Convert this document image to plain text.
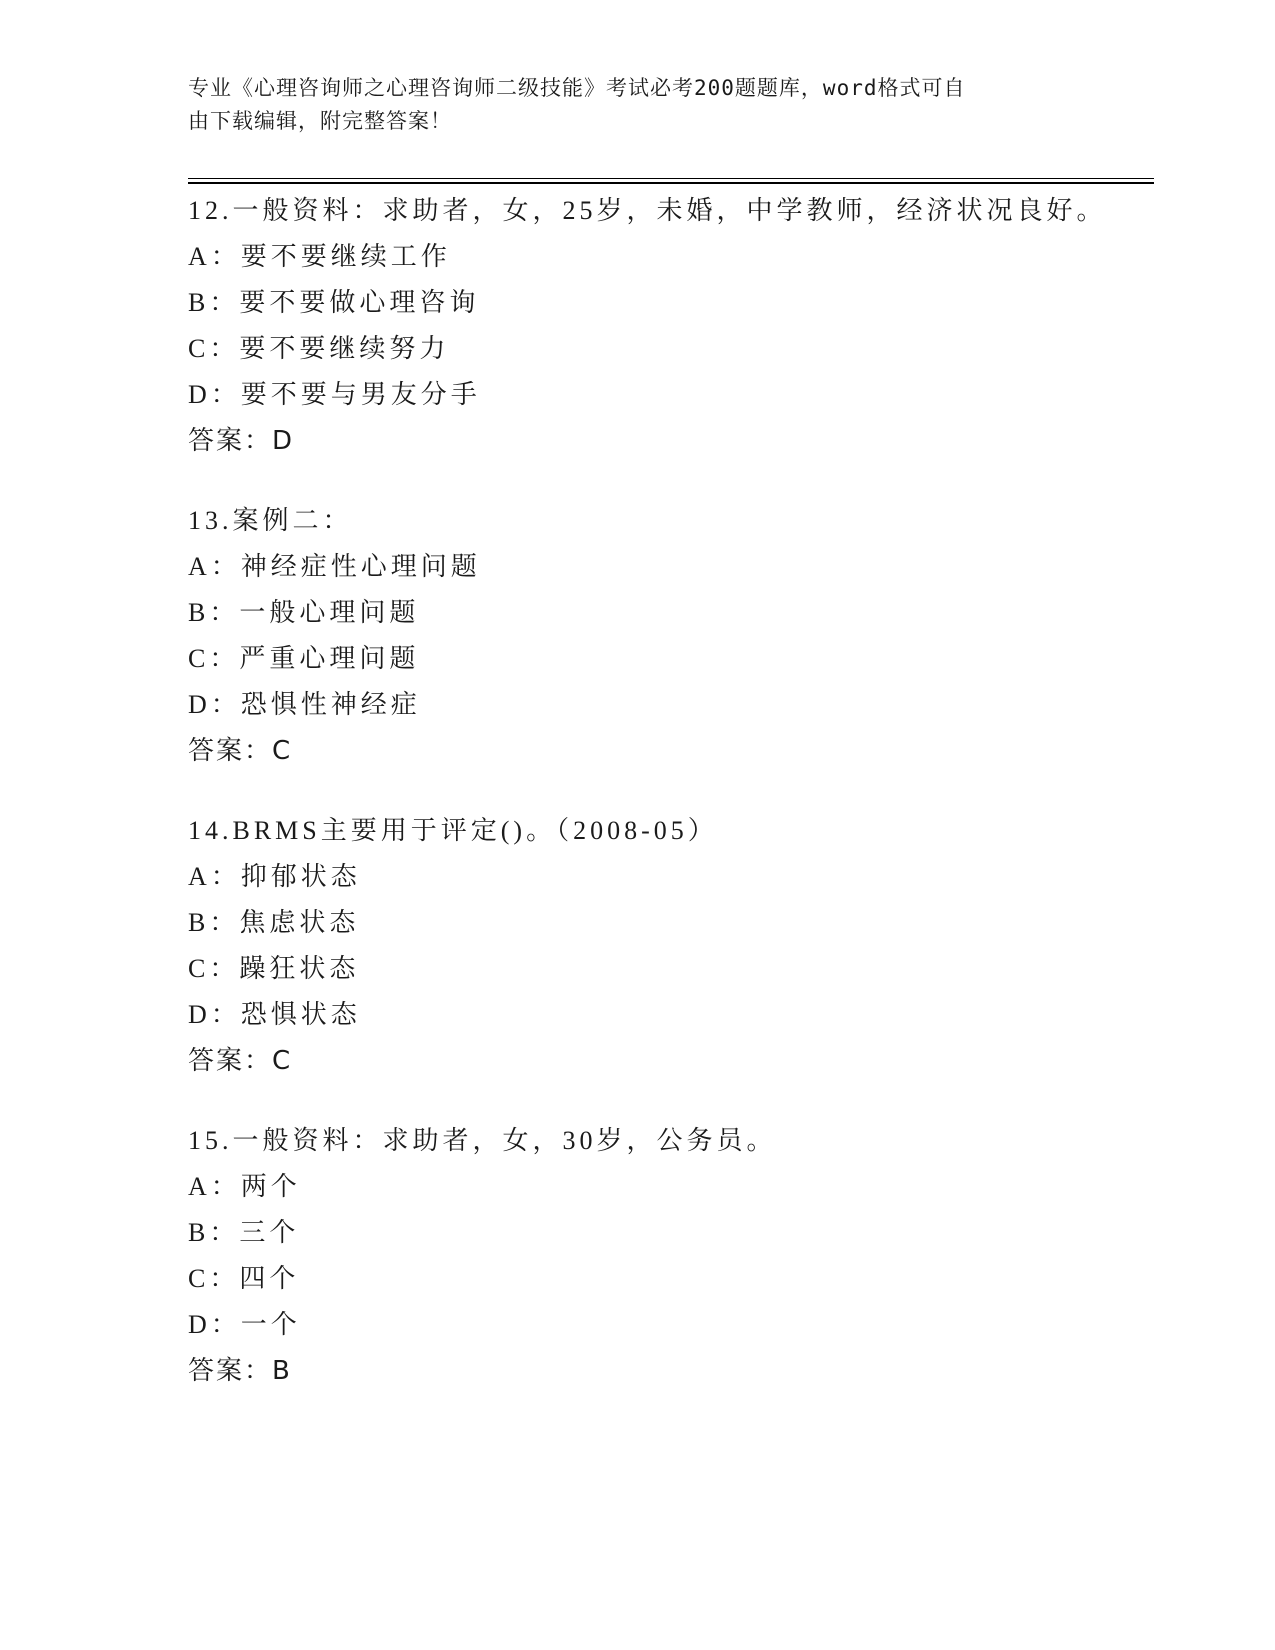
专业《心理咨询师之心理咨询师二级技能》考试必考200题题库，word格式可自
由下载编辑，附完整答案！
12.一般资料：求助者，女，25岁，未婚，中学教师，经济状况良好。
A：要不要继续工作
B：要不要做心理咨询
C：要不要继续努力
D：要不要与男友分手
答案：D
13.案例二：
A：神经症性心理问题
B：一般心理问题
C：严重心理问题
D：恐惧性神经症
答案：C
14.BRMS主要用于评定()。（2008-05）
A：抑郁状态
B：焦虑状态
C：躁狂状态
D：恐惧状态
答案：C
15.一般资料：求助者，女，30岁，公务员。
A：两个
B：三个
C：四个
D：一个
答案：B
